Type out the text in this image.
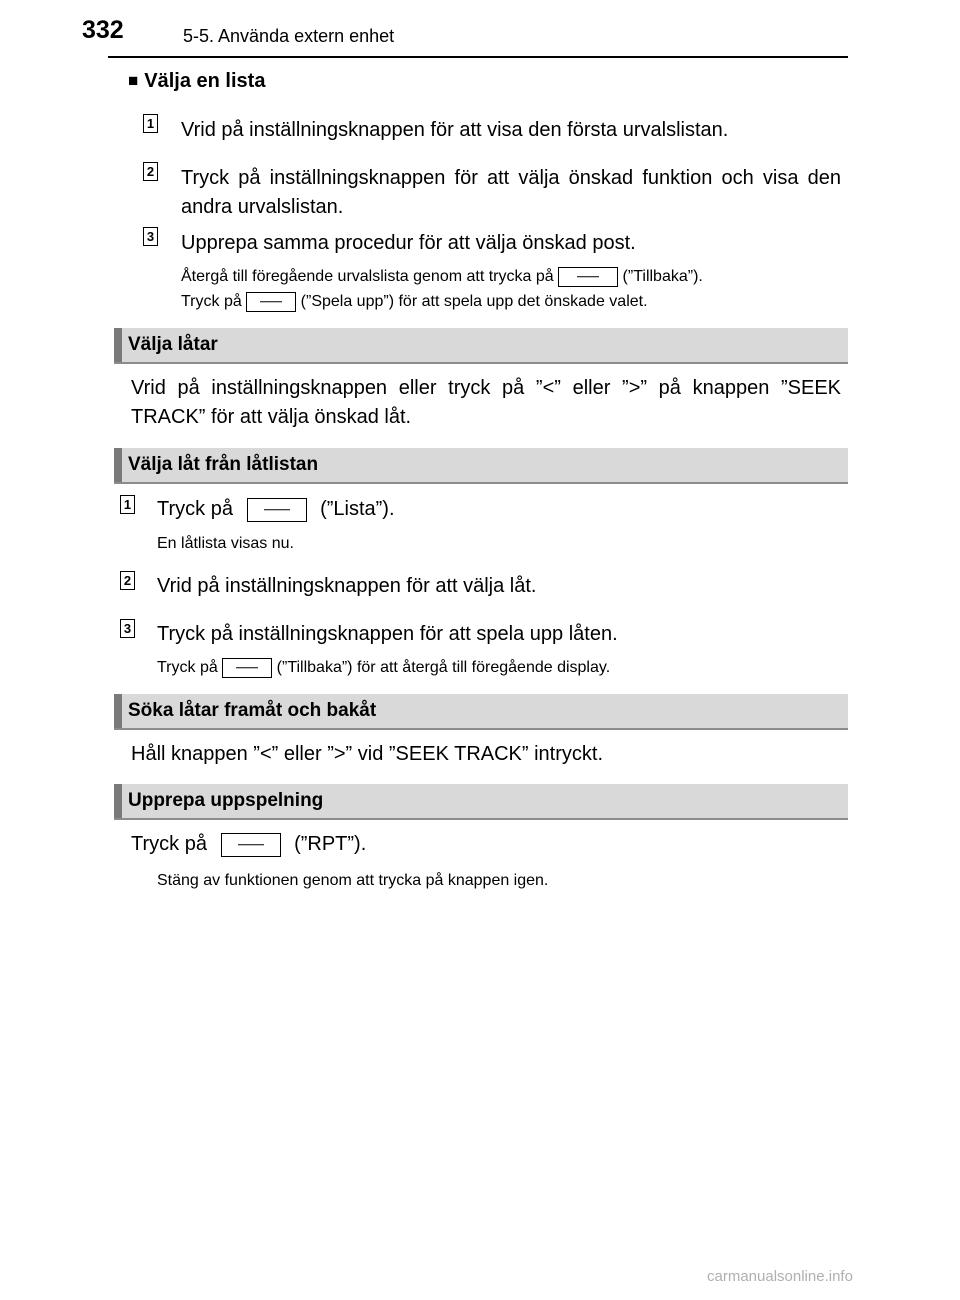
332	5-5. Använda extern enhet
■ Välja en lista
1 Vrid på inställningsknappen för att visa den första urvalslistan.
2 Tryck på inställningsknappen för att välja önskad funktion och visa den andra urvalslistan.
3 Upprepa samma procedur för att välja önskad post.
Återgå till föregående urvalslista genom att trycka på	(”Tillbaka”).
Tryck på	(”Spela upp”) för att spela upp det önskade valet.
Välja låtar
Vrid på inställningsknappen eller tryck på ”<” eller ”>” på knappen ”SEEK TRACK” för att välja önskad låt.
Välja låt från låtlistan
1 Tryck på	(”Lista”).
En låtlista visas nu.
2 Vrid på inställningsknappen för att välja låt.
3 Tryck på inställningsknappen för att spela upp låten.
Tryck på	(”Tillbaka”) för att återgå till föregående display.
Söka låtar framåt och bakåt
Håll knappen ”<” eller ”>” vid ”SEEK TRACK” intryckt.
Upprepa uppspelning
Tryck på	(”RPT”).
Stäng av funktionen genom att trycka på knappen igen.
carmanualsonline.info
